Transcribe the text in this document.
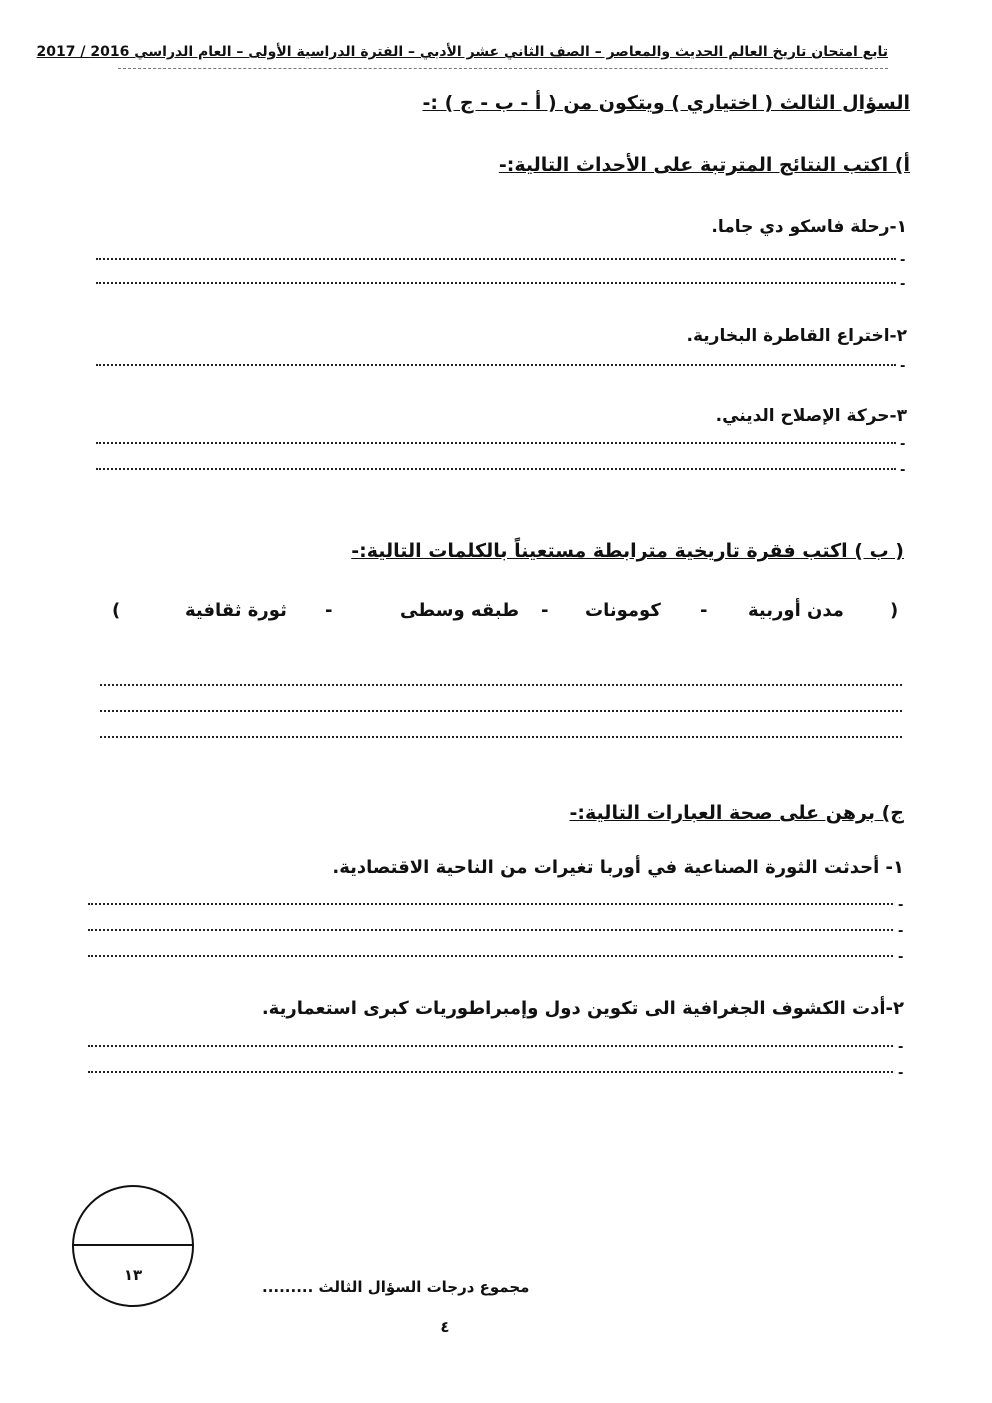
تابع امتحان تاريخ العالم الحديث والمعاصر – الصف الثاني عشر الأدبي – الفترة الدراسية الأولى – العام الدراسي 2016 / 2017
السؤال الثالث ( اختياري ) ويتكون من ( أ - ب - ج ) :-
أ) اكتب النتائج المترتبة على الأحداث التالية:-
١-رحلة فاسكو دي جاما.
-
-
٢-اختراع القاطرة البخارية.
-
٣-حركة الإصلاح الديني.
-
-
( ب ) اكتب فقرة تاريخية مترابطة مستعيناً بالكلمات التالية:-
(
مدن أوربية
-
كومونات
-
طبقه وسطى
-
ثورة ثقافية
)
ج) برهن على صحة العبارات التالية:-
١- أحدثت الثورة الصناعية في أوربا تغيرات من الناحية الاقتصادية.
-
-
-
٢-أدت الكشوف الجغرافية الى تكوين دول وإمبراطوريات كبرى استعمارية.
-
-
١٣
مجموع درجات السؤال الثالث .........
٤
